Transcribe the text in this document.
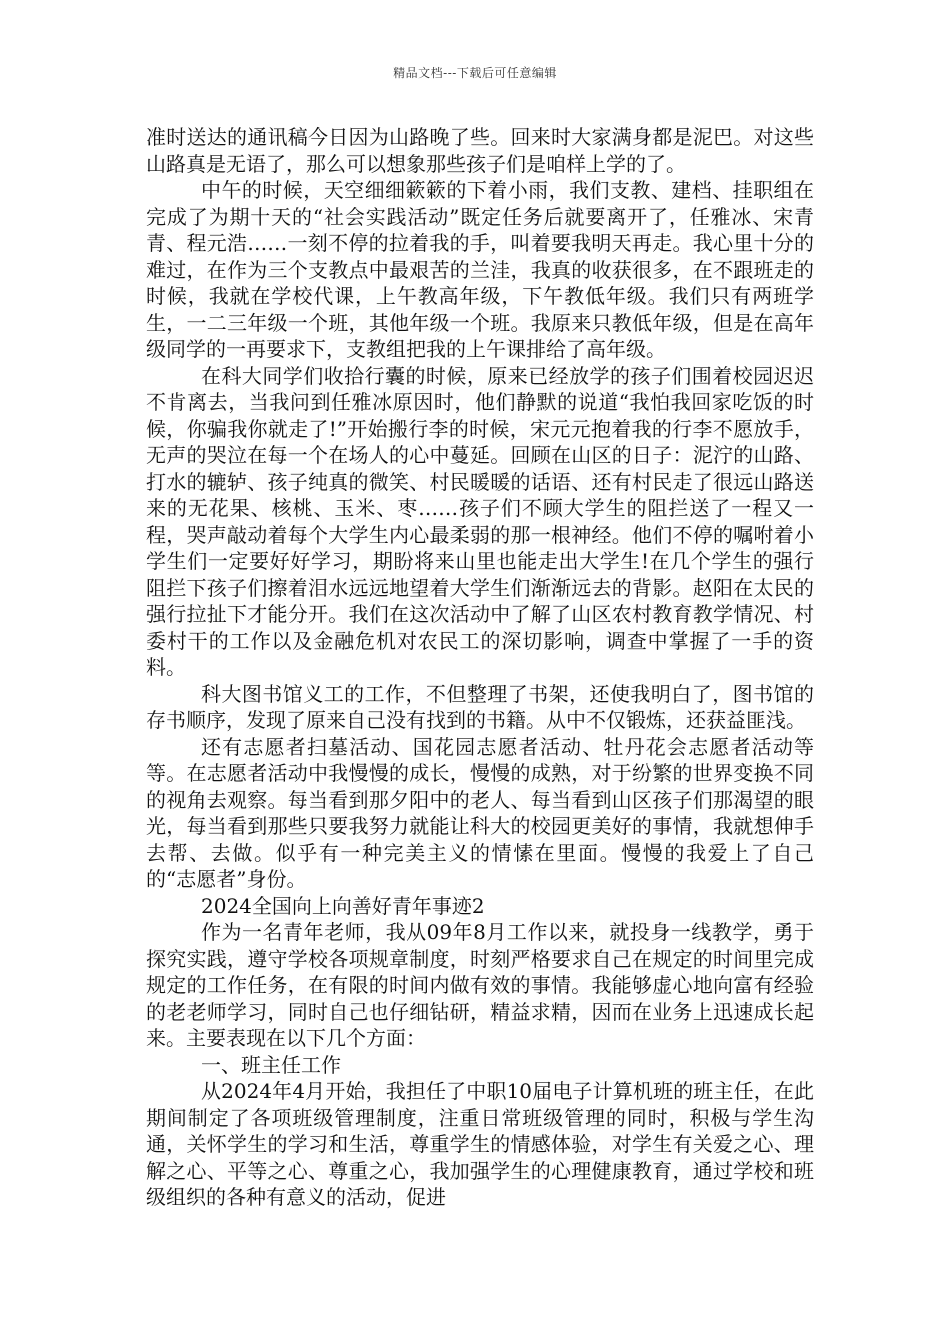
精品文档---下载后可任意编辑

准时送达的通讯稿今日因为山路晚了些。回来时大家满身都是泥巴。对这些山路真是无语了，那么可以想象那些孩子们是咱样上学的了。

中午的时候，天空细细簌簌的下着小雨，我们支教、建档、挂职组在完成了为期十天的“社会实践活动”既定任务后就要离开了，任雅冰、宋青青、程元浩……一刻不停的拉着我的手，叫着要我明天再走。我心里十分的难过，在作为三个支教点中最艰苦的兰洼，我真的收获很多，在不跟班走的时候，我就在学校代课，上午教高年级，下午教低年级。我们只有两班学生，一二三年级一个班，其他年级一个班。我原来只教低年级，但是在高年级同学的一再要求下，支教组把我的上午课排给了高年级。

在科大同学们收拾行囊的时候，原来已经放学的孩子们围着校园迟迟不肯离去，当我问到任雅冰原因时，他们静默的说道“我怕我回家吃饭的时候，你骗我你就走了!”开始搬行李的时候，宋元元抱着我的行李不愿放手，无声的哭泣在每一个在场人的心中蔓延。回顾在山区的日子：泥泞的山路、打水的辘轳、孩子纯真的微笑、村民暖暖的话语、还有村民走了很远山路送来的无花果、核桃、玉米、枣……孩子们不顾大学生的阻拦送了一程又一程，哭声敲动着每个大学生内心最柔弱的那一根神经。他们不停的嘱咐着小学生们一定要好好学习，期盼将来山里也能走出大学生!在几个学生的强行阻拦下孩子们擦着泪水远远地望着大学生们渐渐远去的背影。赵阳在太民的强行拉扯下才能分开。我们在这次活动中了解了山区农村教育教学情况、村委村干的工作以及金融危机对农民工的深切影响，调查中掌握了一手的资料。

科大图书馆义工的工作，不但整理了书架，还使我明白了，图书馆的存书顺序，发现了原来自己没有找到的书籍。从中不仅锻炼，还获益匪浅。

还有志愿者扫墓活动、国花园志愿者活动、牡丹花会志愿者活动等等。在志愿者活动中我慢慢的成长，慢慢的成熟，对于纷繁的世界变换不同的视角去观察。每当看到那夕阳中的老人、每当看到山区孩子们那渴望的眼光，每当看到那些只要我努力就能让科大的校园更美好的事情，我就想伸手去帮、去做。似乎有一种完美主义的情愫在里面。慢慢的我爱上了自己的“志愿者”身份。

2024全国向上向善好青年事迹2

作为一名青年老师，我从09年8月工作以来，就投身一线教学，勇于探究实践，遵守学校各项规章制度，时刻严格要求自己在规定的时间里完成规定的工作任务，在有限的时间内做有效的事情。我能够虚心地向富有经验的老老师学习，同时自己也仔细钻研，精益求精，因而在业务上迅速成长起来。主要表现在以下几个方面：

一、班主任工作

从2024年4月开始，我担任了中职10届电子计算机班的班主任，在此期间制定了各项班级管理制度，注重日常班级管理的同时，积极与学生沟通，关怀学生的学习和生活，尊重学生的情感体验，对学生有关爱之心、理解之心、平等之心、尊重之心，我加强学生的心理健康教育，通过学校和班级组织的各种有意义的活动，促进
